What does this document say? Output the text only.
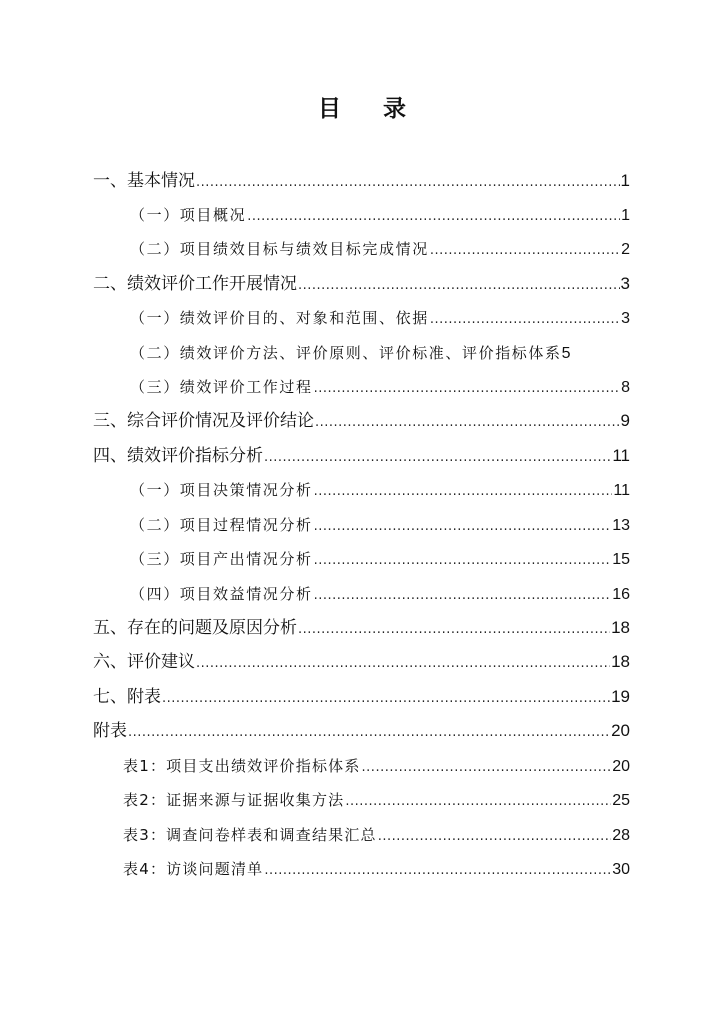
目录
一、基本情况 .....	1
（一）项目概况 .....	1
（二）项目绩效目标与绩效目标完成情况 .....	2
二、绩效评价工作开展情况 .....	3
（一）绩效评价目的、对象和范围、依据 .....	3
（二）绩效评价方法、评价原则、评价标准、评价指标体系 5
（三）绩效评价工作过程 .....	8
三、综合评价情况及评价结论 .....	9
四、绩效评价指标分析 .....	11
（一）项目决策情况分析 .....	11
（二）项目过程情况分析 .....	13
（三）项目产出情况分析 .....	15
（四）项目效益情况分析 .....	16
五、存在的问题及原因分析 .....	18
六、评价建议 .....	18
七、附表 .....	19
附表 .....	20
表1：项目支出绩效评价指标体系 .....	20
表2：证据来源与证据收集方法 .....	25
表3：调查问卷样表和调查结果汇总 .....	28
表4：访谈问题清单 .....	30
